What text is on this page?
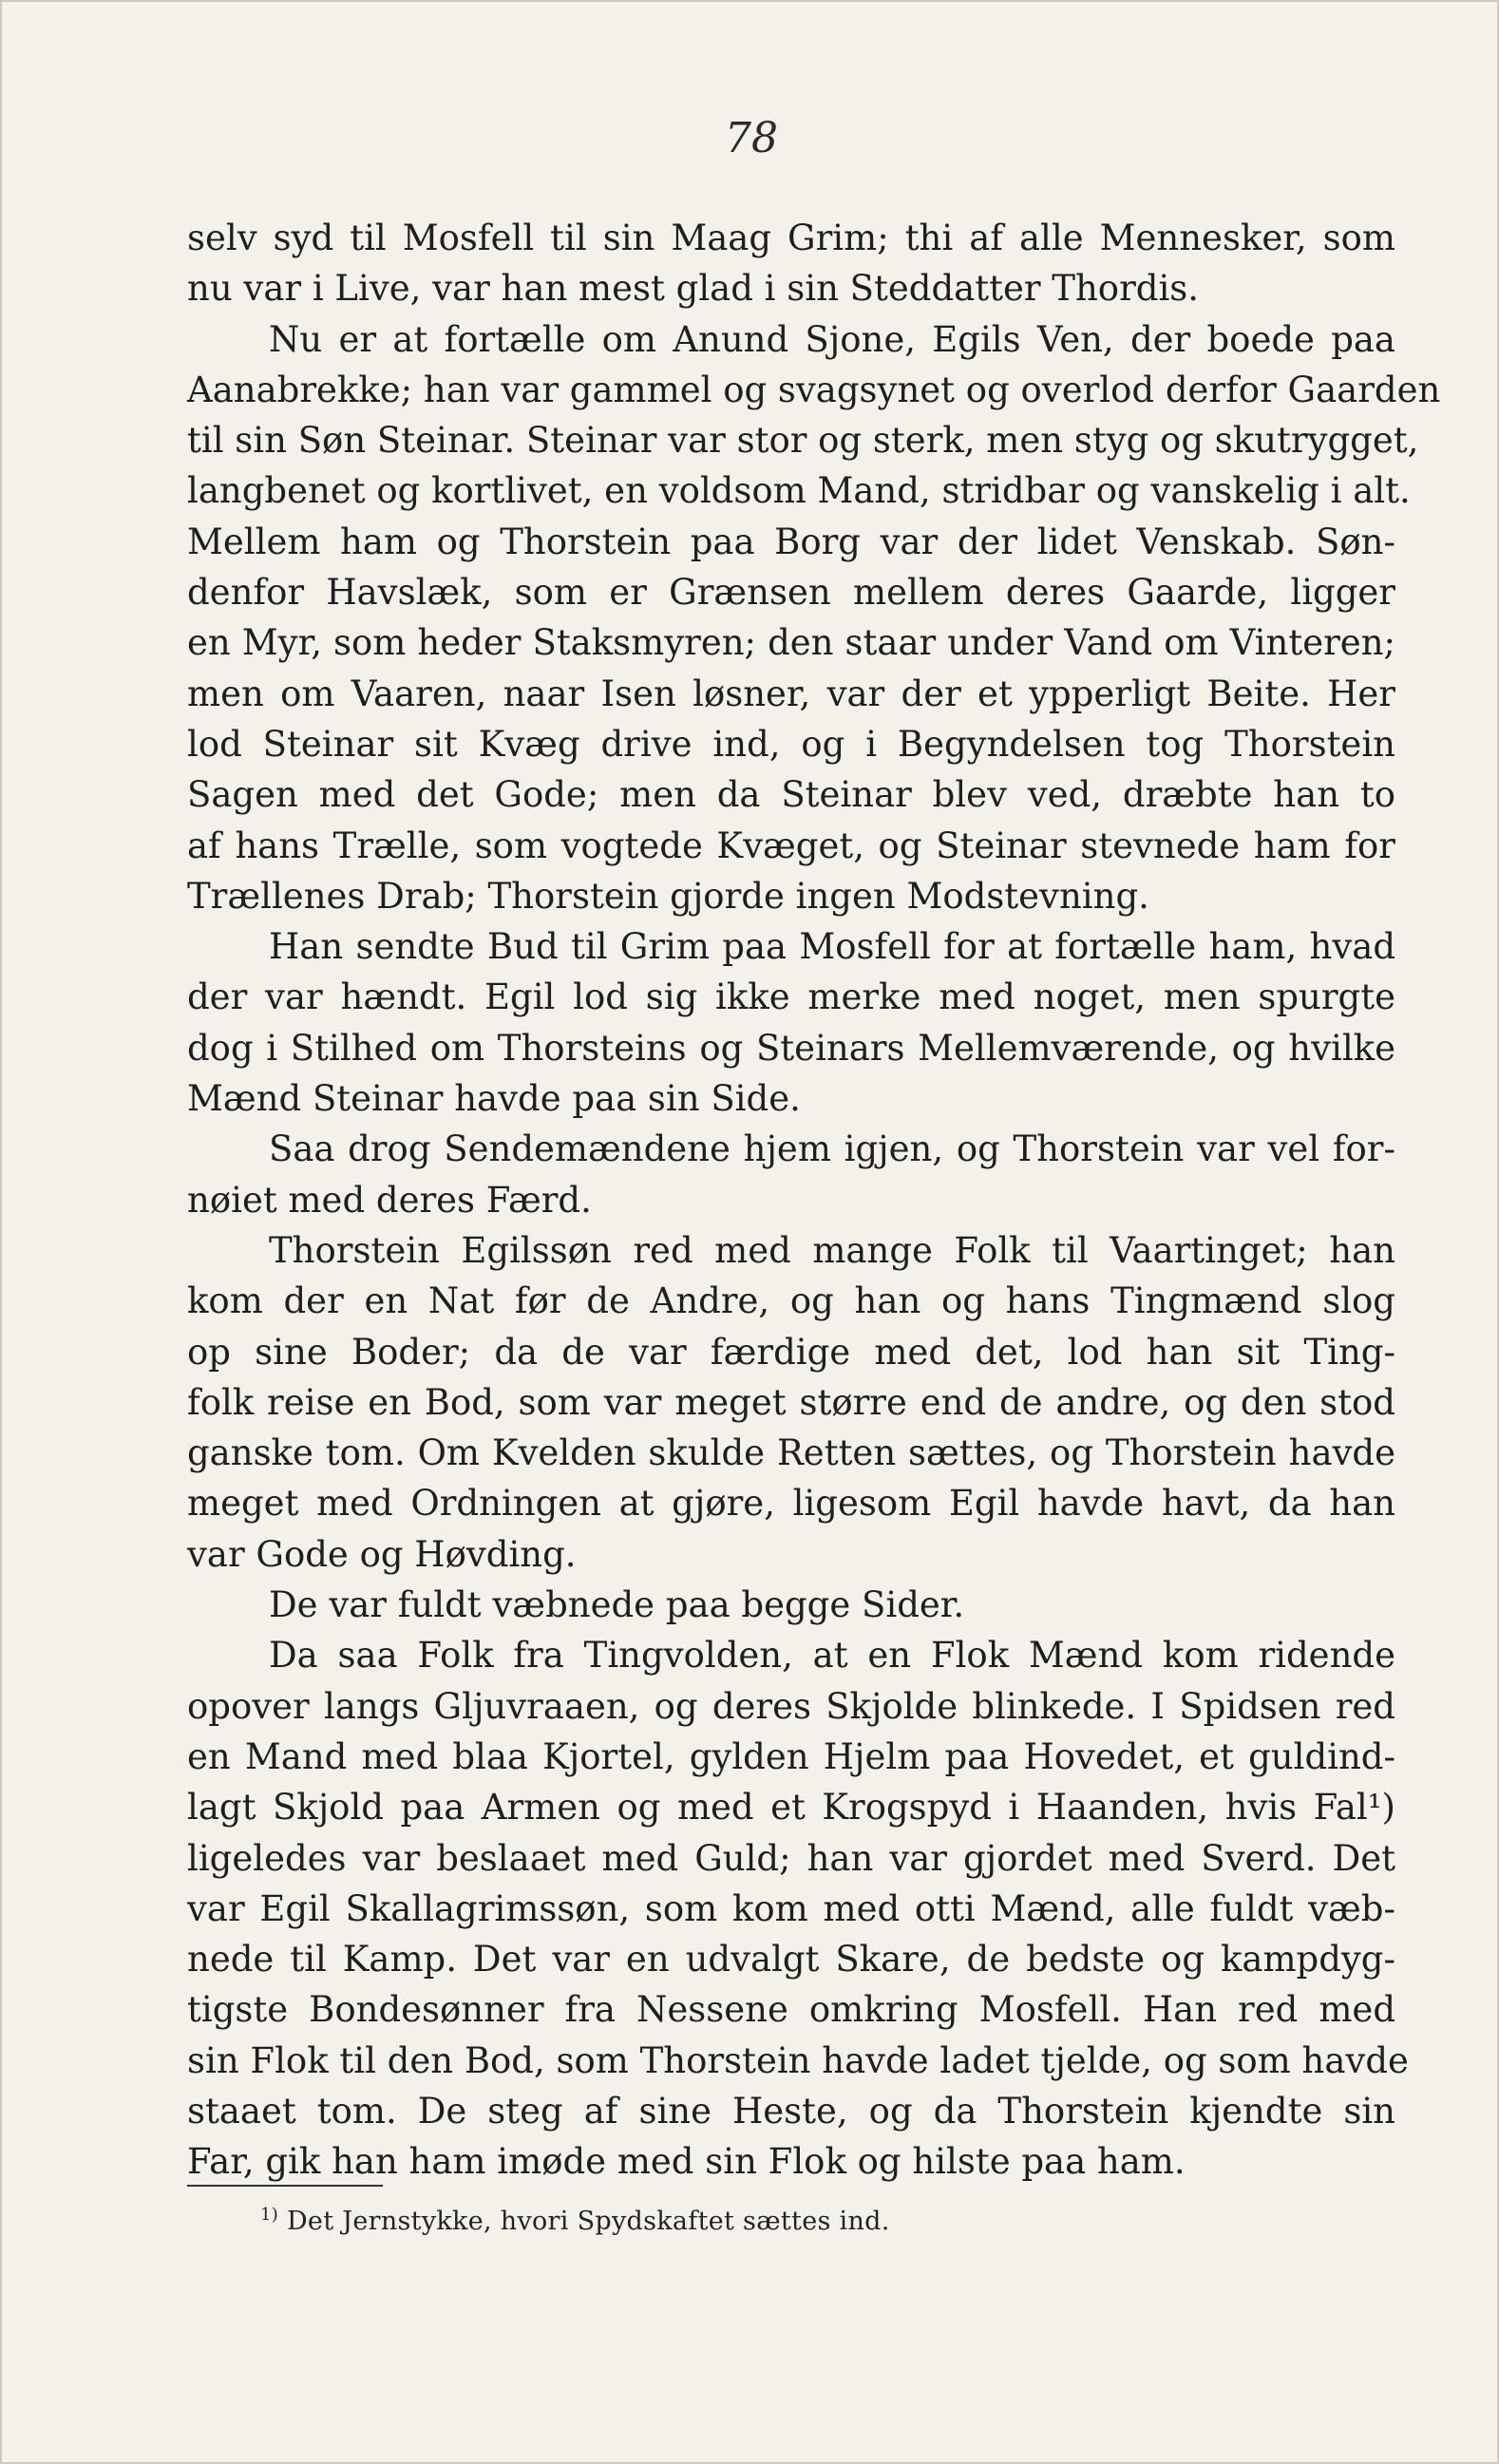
78
selv syd til Mosfell til sin Maag Grim; thi af alle Mennesker, som
nu var i Live, var han mest glad i sin Steddatter Thordis.
Nu er at fortælle om Anund Sjone, Egils Ven, der boede paa
Aanabrekke; han var gammel og svagsynet og overlod derfor Gaarden
til sin Søn Steinar. Steinar var stor og sterk, men styg og skutrygget,
langbenet og kortlivet, en voldsom Mand, stridbar og vanskelig i alt.
Mellem ham og Thorstein paa Borg var der lidet Venskab. Søn-
denfor Havslæk, som er Grænsen mellem deres Gaarde, ligger
en Myr, som heder Staksmyren; den staar under Vand om Vinteren;
men om Vaaren, naar Isen løsner, var der et ypperligt Beite. Her
lod Steinar sit Kvæg drive ind, og i Begyndelsen tog Thorstein
Sagen med det Gode; men da Steinar blev ved, dræbte han to
af hans Trælle, som vogtede Kvæget, og Steinar stevnede ham for
Trællenes Drab; Thorstein gjorde ingen Modstevning.
Han sendte Bud til Grim paa Mosfell for at fortælle ham, hvad
der var hændt. Egil lod sig ikke merke med noget, men spurgte
dog i Stilhed om Thorsteins og Steinars Mellemværende, og hvilke
Mænd Steinar havde paa sin Side.
Saa drog Sendemændene hjem igjen, og Thorstein var vel for-
nøiet med deres Færd.
Thorstein Egilssøn red med mange Folk til Vaartinget; han
kom der en Nat før de Andre, og han og hans Tingmænd slog
op sine Boder; da de var færdige med det, lod han sit Ting-
folk reise en Bod, som var meget større end de andre, og den stod
ganske tom. Om Kvelden skulde Retten sættes, og Thorstein havde
meget med Ordningen at gjøre, ligesom Egil havde havt, da han
var Gode og Høvding.
De var fuldt væbnede paa begge Sider.
Da saa Folk fra Tingvolden, at en Flok Mænd kom ridende
opover langs Gljuvraaen, og deres Skjolde blinkede. I Spidsen red
en Mand med blaa Kjortel, gylden Hjelm paa Hovedet, et guldind-
lagt Skjold paa Armen og med et Krogspyd i Haanden, hvis Fal¹)
ligeledes var beslaaet med Guld; han var gjordet med Sverd. Det
var Egil Skallagrimssøn, som kom med otti Mænd, alle fuldt væb-
nede til Kamp. Det var en udvalgt Skare, de bedste og kampdyg-
tigste Bondesønner fra Nessene omkring Mosfell. Han red med
sin Flok til den Bod, som Thorstein havde ladet tjelde, og som havde
staaet tom. De steg af sine Heste, og da Thorstein kjendte sin
Far, gik han ham imøde med sin Flok og hilste paa ham.
$^{1)}$ Det Jernstykke, hvori Spydskaftet sættes ind.
